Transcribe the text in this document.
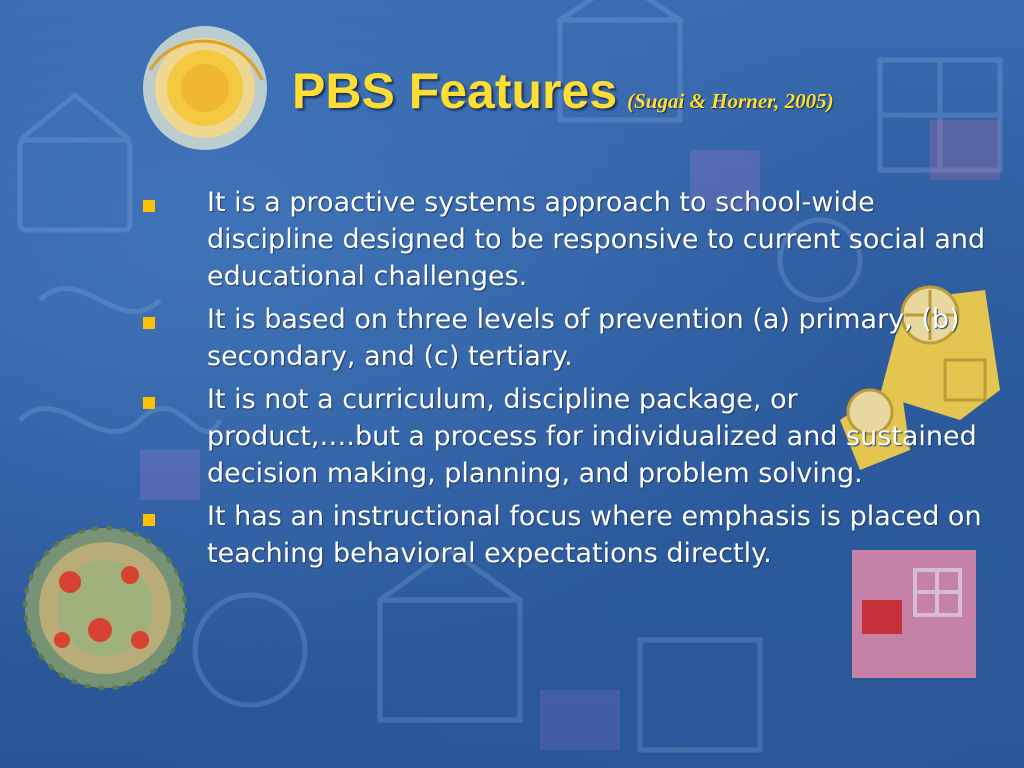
PBS Features (Sugai & Horner, 2005)
It is a proactive systems approach to school-wide discipline designed to be responsive to current social and educational challenges.
It is based on three levels of prevention (a) primary, (b) secondary, and (c) tertiary.
It is not a curriculum, discipline package, or product,….but a process for individualized and sustained decision making, planning, and problem solving.
It has an instructional focus where emphasis is placed on teaching behavioral expectations directly.
